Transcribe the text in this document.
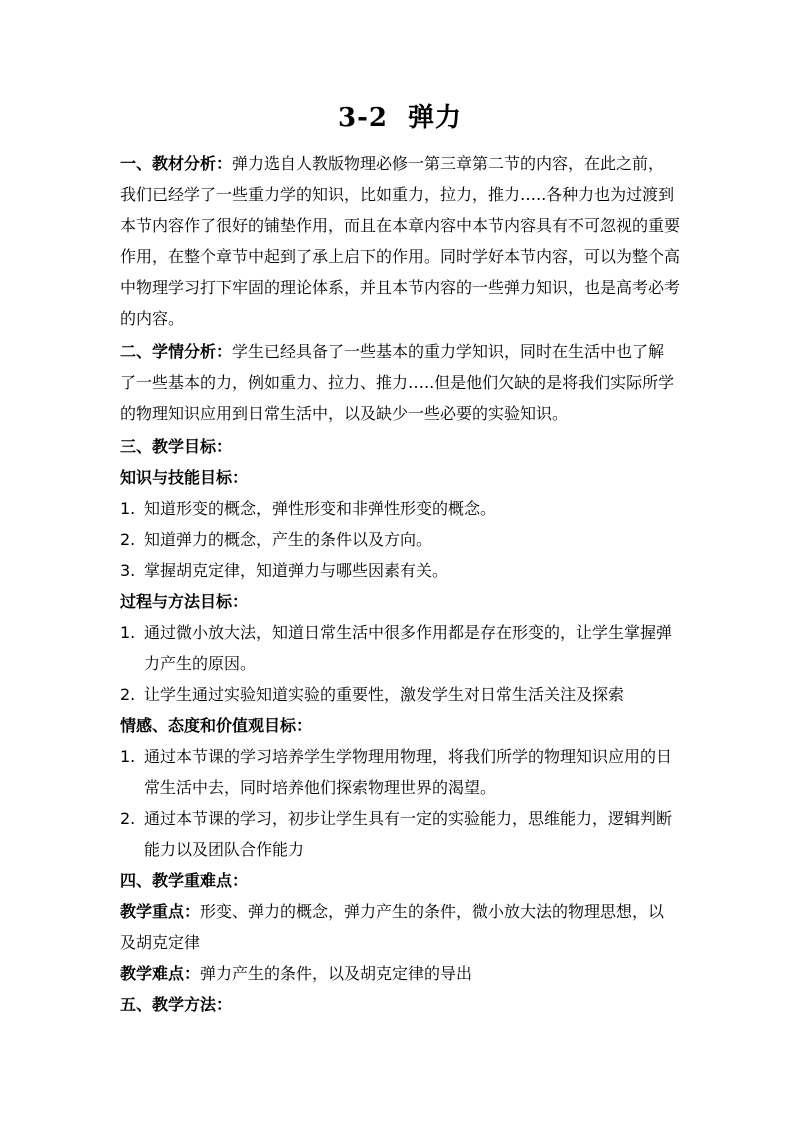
3-2 弹力

一、教材分析：弹力选自人教版物理必修一第三章第二节的内容，在此之前，我们已经学了一些重力学的知识，比如重力，拉力，推力…..各种力也为过渡到本节内容作了很好的铺垫作用，而且在本章内容中本节内容具有不可忽视的重要作用，在整个章节中起到了承上启下的作用。同时学好本节内容，可以为整个高中物理学习打下牢固的理论体系，并且本节内容的一些弹力知识，也是高考必考的内容。

二、学情分析：学生已经具备了一些基本的重力学知识，同时在生活中也了解了一些基本的力，例如重力、拉力、推力…..但是他们欠缺的是将我们实际所学的物理知识应用到日常生活中，以及缺少一些必要的实验知识。

三、教学目标：

知识与技能目标：

1. 知道形变的概念，弹性形变和非弹性形变的概念。
2. 知道弹力的概念，产生的条件以及方向。
3. 掌握胡克定律，知道弹力与哪些因素有关。

过程与方法目标：

1. 通过微小放大法，知道日常生活中很多作用都是存在形变的，让学生掌握弹力产生的原因。
2. 让学生通过实验知道实验的重要性，激发学生对日常生活关注及探索

情感、态度和价值观目标：

1. 通过本节课的学习培养学生学物理用物理，将我们所学的物理知识应用的日常生活中去，同时培养他们探索物理世界的渴望。
2. 通过本节课的学习，初步让学生具有一定的实验能力，思维能力，逻辑判断能力以及团队合作能力

四、教学重难点：

教学重点：形变、弹力的概念，弹力产生的条件，微小放大法的物理思想，以及胡克定律

教学难点：弹力产生的条件，以及胡克定律的导出

五、教学方法：
